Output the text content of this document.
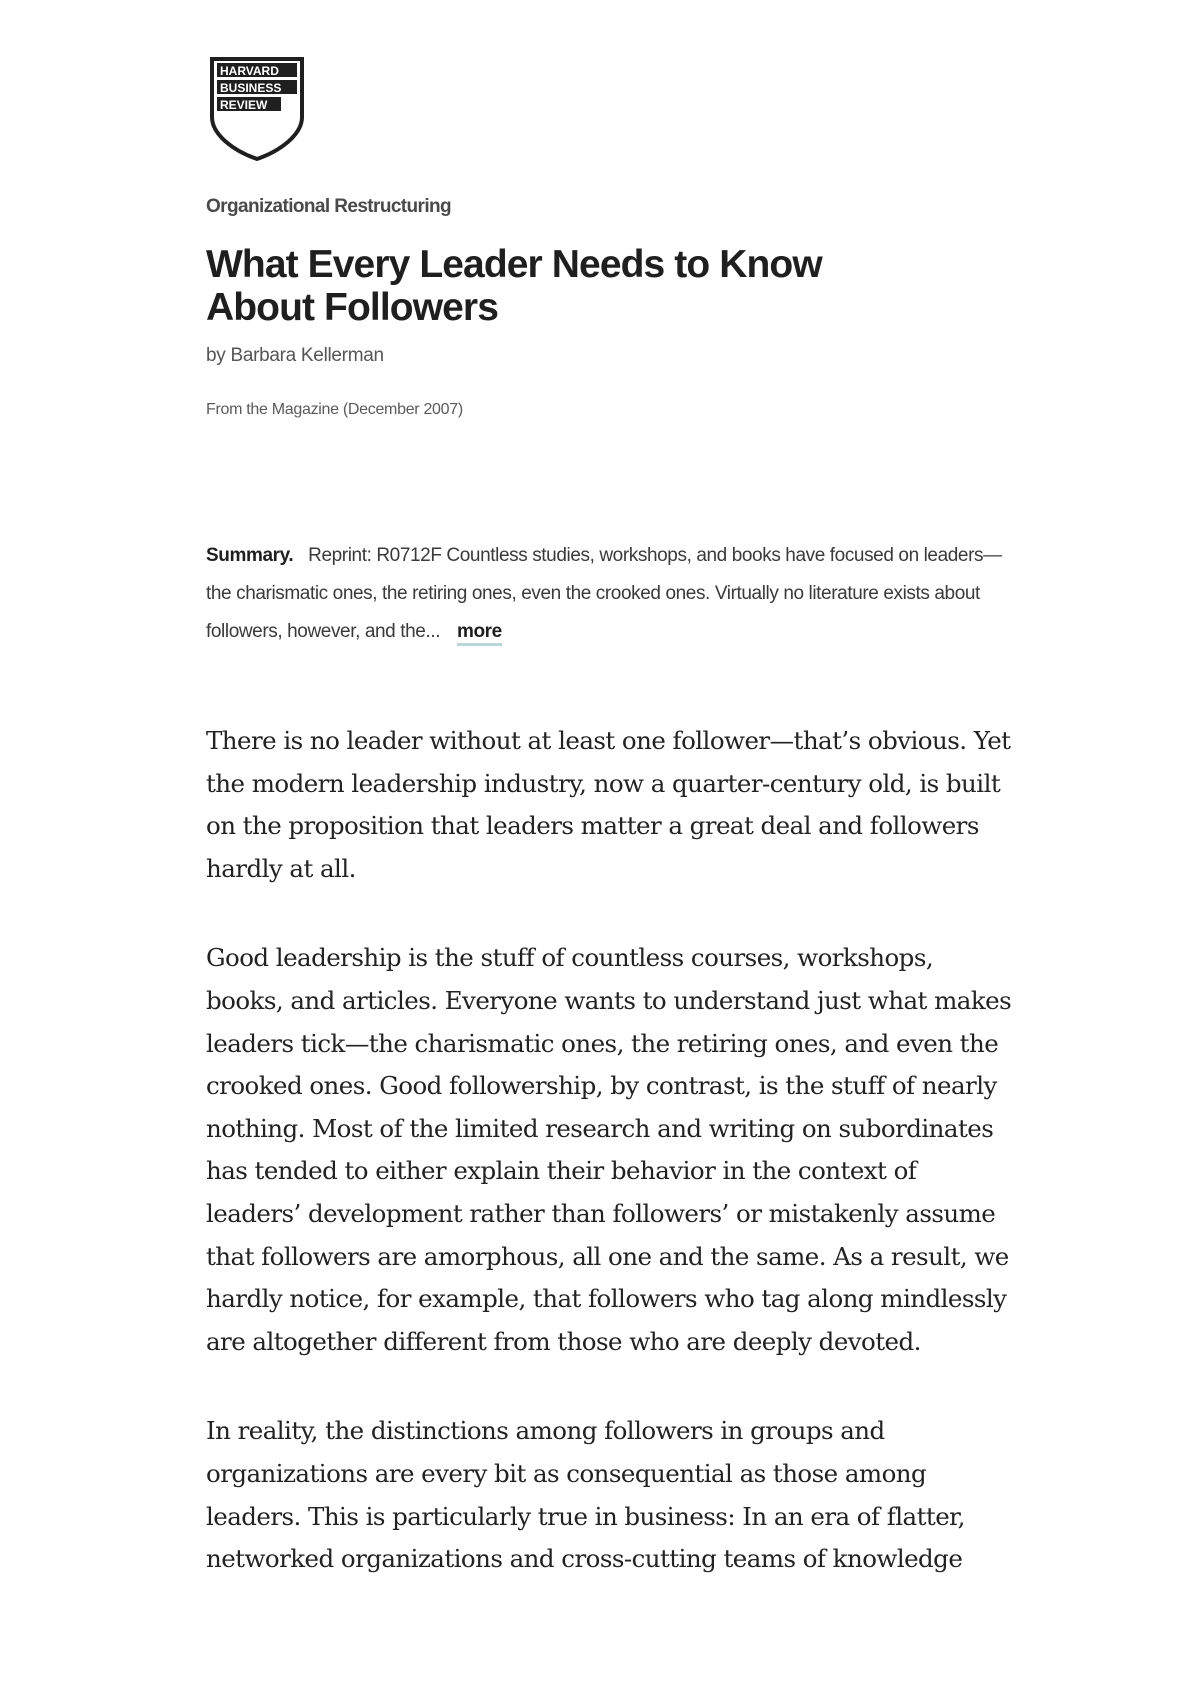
HARVARD
BUSINESS
REVIEW

Organizational Restructuring

What Every Leader Needs to Know About Followers

by Barbara Kellerman

From the Magazine (December 2007)

Summary. Reprint: R0712F Countless studies, workshops, and books have focused on leaders—the charismatic ones, the retiring ones, even the crooked ones. Virtually no literature exists about followers, however, and the... more

There is no leader without at least one follower—that’s obvious. Yet the modern leadership industry, now a quarter-century old, is built on the proposition that leaders matter a great deal and followers hardly at all.

Good leadership is the stuff of countless courses, workshops, books, and articles. Everyone wants to understand just what makes leaders tick—the charismatic ones, the retiring ones, and even the crooked ones. Good followership, by contrast, is the stuff of nearly nothing. Most of the limited research and writing on subordinates has tended to either explain their behavior in the context of leaders’ development rather than followers’ or mistakenly assume that followers are amorphous, all one and the same. As a result, we hardly notice, for example, that followers who tag along mindlessly are altogether different from those who are deeply devoted.

In reality, the distinctions among followers in groups and organizations are every bit as consequential as those among leaders. This is particularly true in business: In an era of flatter, networked organizations and cross-cutting teams of knowledge
